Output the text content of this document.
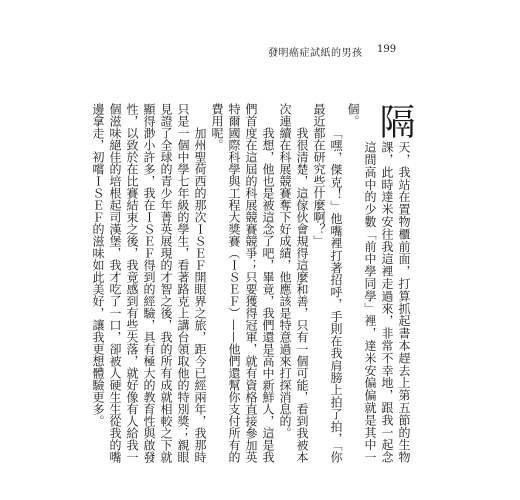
發明癌症試紙的男孩 199

隔
天，我站在置物櫃前面，打算抓起書本趕去上第五節的生物課，此時達米安往我這裡走過來，非常不幸地，跟我一起念這間高中的少數「前中學同學」裡，達米安偏偏就是其中一個。

「嘿，傑克！」他嘴裡打著招呼，手則在我肩膀上拍了拍，「你最近都在研究些什麼啊？」

我很清楚，這傢伙會規得這麼和善，只有一個可能，看到我被本次連續在科展競賽奪下好成績，他應該是特意過來打探消息的。

我想，他也是被這念了吧，畢竟，我們還是高中新鮮人，這是我們首度在這屆的科展競賽競爭；只要獲得冠軍，就有資格直接參加英特爾國際科學與工程大獎賽（ＩＳＥＦ）——他們還幫你支付所有的費用呢。

加州聖荷西的那次ＩＳＥＦ開眼界之旅，距今已經兩年，我那時只是一個中學七年級的學生，看著路克上講台領取他的特別獎；親眼見證了全球的青少年菁英展現的才智之後，我的所有成就相較之下就顯得渺小許多，我在ＩＳＥＦ得到的經驗，具有極大的教育性與啟發性，以致於在比賽結束之後，我竟感到有些失落，就好像有人給我一個滋味絕佳的培根起司漢堡，我才吃了一口，卻被人硬生生從我的嘴邊拿走，初嚐ＩＳＥＦ的滋味如此美好，讓我更想體驗更多。
